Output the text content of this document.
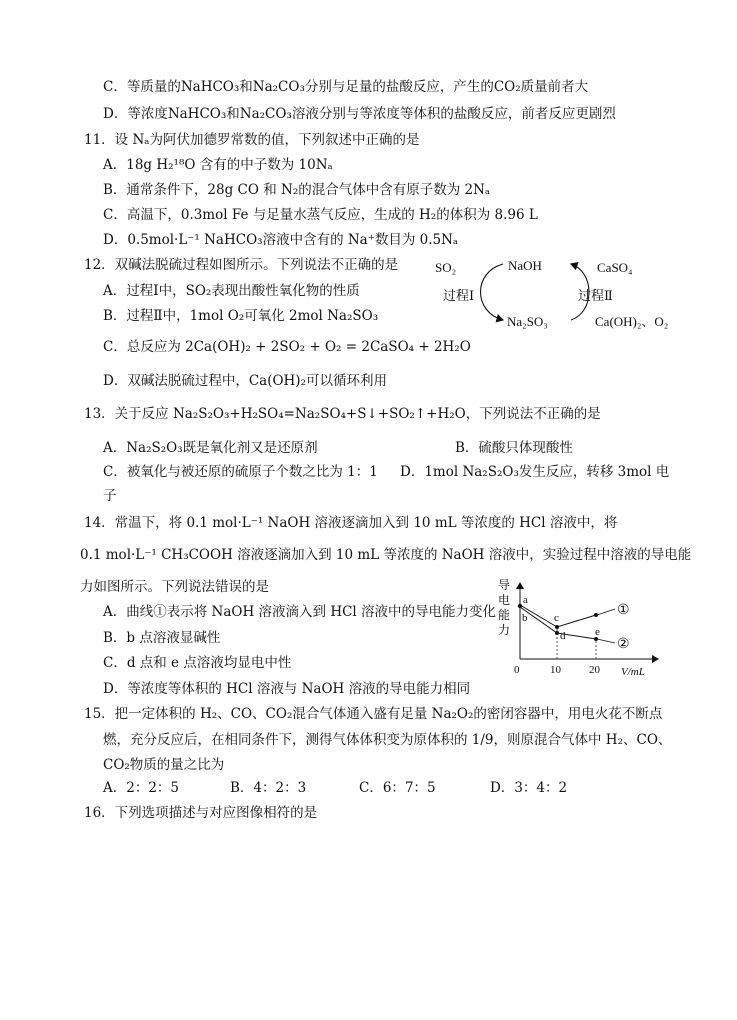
C．等质量的NaHCO₃和Na₂CO₃分别与足量的盐酸反应，产生的CO₂质量前者大
D．等浓度NaHCO₃和Na₂CO₃溶液分别与等浓度等体积的盐酸反应，前者反应更剧烈
11．设 Nₐ为阿伏加德罗常数的值，下列叙述中正确的是
A．18g H₂¹⁸O 含有的中子数为 10Nₐ
B．通常条件下，28g CO 和 N₂的混合气体中含有原子数为 2Nₐ
C．高温下，0.3mol Fe 与足量水蒸气反应，生成的 H₂的体积为 8.96 L
D．0.5mol·L⁻¹ NaHCO₃溶液中含有的 Na⁺数目为 0.5Nₐ
12．双碱法脱硫过程如图所示。下列说法不正确的是
A．过程Ⅰ中，SO₂表现出酸性氧化物的性质
B．过程Ⅱ中，1mol O₂可氧化 2mol Na₂SO₃
C．总反应为 2Ca(OH)₂ + 2SO₂ + O₂ = 2CaSO₄ + 2H₂O
D．双碱法脱硫过程中，Ca(OH)₂可以循环利用
SO₂	NaOH	CaSO₄
过程Ⅰ	过程Ⅱ
Na₂SO₃	Ca(OH)₂、O₂
13．关于反应 Na₂S₂O₃+H₂SO₄=Na₂SO₄+S↓+SO₂↑+H₂O，下列说法不正确的是
A．Na₂S₂O₃既是氧化剂又是还原剂	B．硫酸只体现酸性
C．被氧化与被还原的硫原子个数之比为 1：1 D．1mol Na₂S₂O₃发生反应，转移 3mol 电
子
14．常温下，将 0.1 mol·L⁻¹ NaOH 溶液逐滴加入到 10 mL 等浓度的 HCl 溶液中，将
0.1 mol·L⁻¹ CH₃COOH 溶液逐滴加入到 10 mL 等浓度的 NaOH 溶液中，实验过程中溶液的导电能
力如图所示。下列说法错误的是
A．曲线①表示将 NaOH 溶液滴入到 HCl 溶液中的导电能力变化
B．b 点溶液显碱性
C．d 点和 e 点溶液均显电中性
D．等浓度等体积的 HCl 溶液与 NaOH 溶液的导电能力相同
导
电
能
力
a
b c
d	e
①
②
0	10	20 V/mL
15．把一定体积的 H₂、CO、CO₂混合气体通入盛有足量 Na₂O₂的密闭容器中，用电火花不断点
燃，充分反应后，在相同条件下，测得气体体积变为原体积的 1/9，则原混合气体中 H₂、CO、
CO₂物质的量之比为
A．2：2：5	B．4：2：3	C．6：7：5	D．3：4：2
16．下列选项描述与对应图像相符的是
